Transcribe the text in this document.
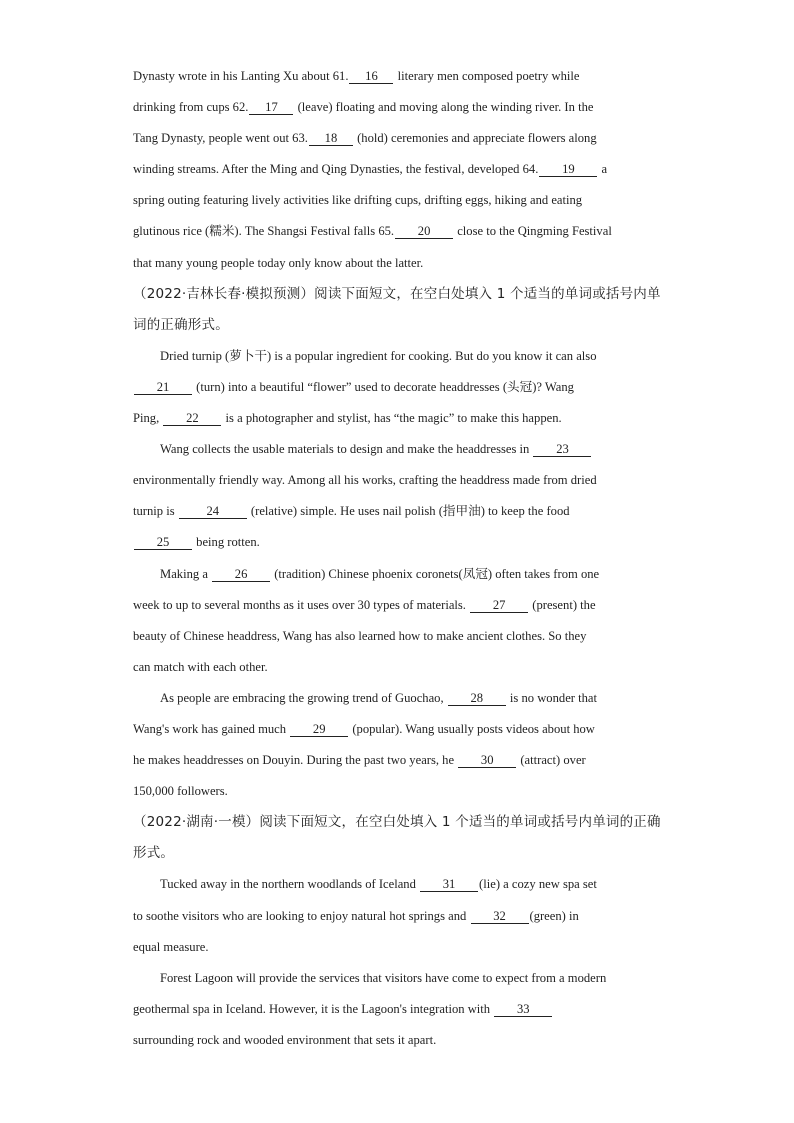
Dynasty wrote in his Lanting Xu about 61. 16 literary men composed poetry while
drinking from cups 62. 17 (leave) floating and moving along the winding river. In the
Tang Dynasty, people went out 63. 18 (hold) ceremonies and appreciate flowers along
winding streams. After the Ming and Qing Dynasties, the festival, developed 64. 19 a
spring outing featuring lively activities like drifting cups, drifting eggs, hiking and eating
glutinous rice (糯米). The Shangsi Festival falls 65. 20 close to the Qingming Festival
that many young people today only know about the latter.
（2022·吉林长春·模拟预测）阅读下面短文，在空白处填入 1 个适当的单词或括号内单
词的正确形式。
Dried turnip (萝卜干) is a popular ingredient for cooking. But do you know it can also
21 (turn) into a beautiful “flower” used to decorate headdresses (头冠)? Wang
Ping, 22 is a photographer and stylist, has “the magic” to make this happen.
Wang collects the usable materials to design and make the headdresses in 23
environmentally friendly way. Among all his works, crafting the headdress made from dried
turnip is 24 (relative) simple. He uses nail polish (指甲油) to keep the food
25 being rotten.
Making a 26 (tradition) Chinese phoenix coronets(凤冠) often takes from one
week to up to several months as it uses over 30 types of materials. 27 (present) the
beauty of Chinese headdress, Wang has also learned how to make ancient clothes. So they
can match with each other.
As people are embracing the growing trend of Guochao, 28 is no wonder that
Wang's work has gained much 29 (popular). Wang usually posts videos about how
he makes headdresses on Douyin. During the past two years, he 30 (attract) over
150,000 followers.
（2022·湖南·一模）阅读下面短文，在空白处填入 1 个适当的单词或括号内单词的正确
形式。
Tucked away in the northern woodlands of Iceland 31 (lie) a cozy new spa set
to soothe visitors who are looking to enjoy natural hot springs and 32 (green) in
equal measure.
Forest Lagoon will provide the services that visitors have come to expect from a modern
geothermal spa in Iceland. However, it is the Lagoon's integration with 33
surrounding rock and wooded environment that sets it apart.
